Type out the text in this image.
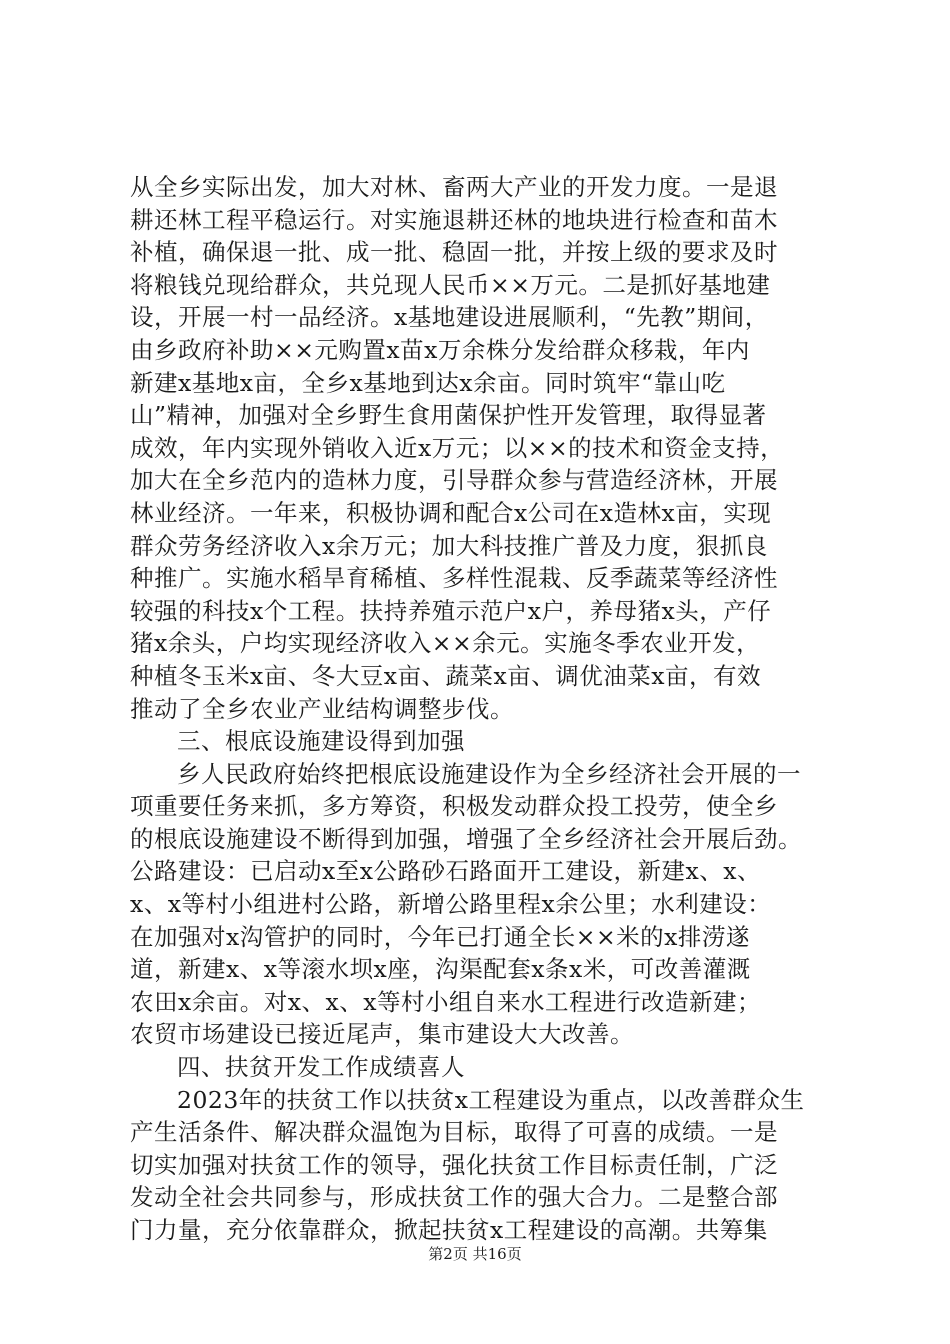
从全乡实际出发，加大对林、畜两大产业的开发力度。一是退
耕还林工程平稳运行。对实施退耕还林的地块进行检查和苗木
补植，确保退一批、成一批、稳固一批，并按上级的要求及时
将粮钱兑现给群众，共兑现人民币××万元。二是抓好基地建
设，开展一村一品经济。x基地建设进展顺利，“先教”期间，
由乡政府补助××元购置x苗x万余株分发给群众移栽，年内
新建x基地x亩，全乡x基地到达x余亩。同时筑牢“靠山吃
山”精神，加强对全乡野生食用菌保护性开发管理，取得显著
成效，年内实现外销收入近x万元；以××的技术和资金支持，
加大在全乡范内的造林力度，引导群众参与营造经济林，开展
林业经济。一年来，积极协调和配合x公司在x造林x亩，实现
群众劳务经济收入x余万元；加大科技推广普及力度，狠抓良
种推广。实施水稻旱育稀植、多样性混栽、反季蔬菜等经济性
较强的科技x个工程。扶持养殖示范户x户，养母猪x头，产仔
猪x余头，户均实现经济收入××余元。实施冬季农业开发，
种植冬玉米x亩、冬大豆x亩、蔬菜x亩、调优油菜x亩，有效
推动了全乡农业产业结构调整步伐。
三、根底设施建设得到加强
乡人民政府始终把根底设施建设作为全乡经济社会开展的一
项重要任务来抓，多方筹资，积极发动群众投工投劳，使全乡
的根底设施建设不断得到加强，增强了全乡经济社会开展后劲。
公路建设：已启动x至x公路砂石路面开工建设，新建x、x、
x、x等村小组进村公路，新增公路里程x余公里；水利建设：
在加强对x沟管护的同时，今年已打通全长××米的x排涝遂
道，新建x、x等滚水坝x座，沟渠配套x条x米，可改善灌溉
农田x余亩。对x、x、x等村小组自来水工程进行改造新建；
农贸市场建设已接近尾声，集市建设大大改善。
四、扶贫开发工作成绩喜人
2023年的扶贫工作以扶贫x工程建设为重点，以改善群众生
产生活条件、解决群众温饱为目标，取得了可喜的成绩。一是
切实加强对扶贫工作的领导，强化扶贫工作目标责任制，广泛
发动全社会共同参与，形成扶贫工作的强大合力。二是整合部
门力量，充分依靠群众，掀起扶贫x工程建设的高潮。共筹集
第2页 共16页
